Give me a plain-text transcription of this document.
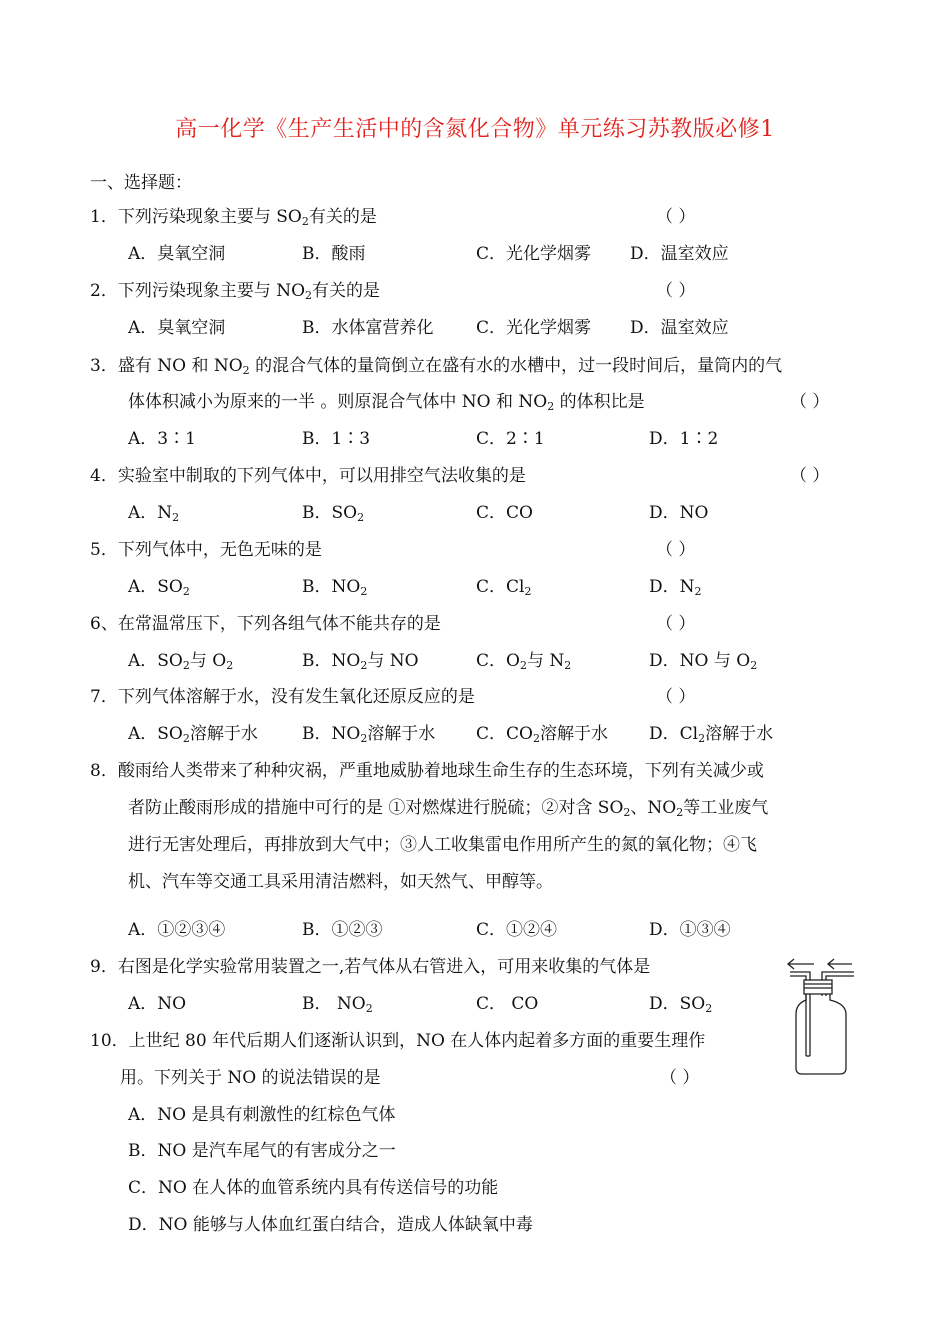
高一化学《生产生活中的含氮化合物》单元练习苏教版必修1
一、选择题：
1．下列污染现象主要与 $SO_2$有关的是	（ ）
A．臭氧空洞	B．酸雨	C．光化学烟雾 D．温室效应
2．下列污染现象主要与 $NO_2$有关的是	（ ）
A．臭氧空洞	B．水体富营养化	C．光化学烟雾 D．温室效应
3．盛有 NO 和 $NO_2$ 的混合气体的量筒倒立在盛有水的水槽中，过一段时间后，量筒内的气
体体积减小为原来的一半 。则原混合气体中 NO 和 $NO_2$ 的体积比是	（ ）
A．3∶1	B．1∶3	C．2∶1	D．1∶2
4．实验室中制取的下列气体中，可以用排空气法收集的是	（ ）
A．$N_2$	B．$SO_2$	C．CO	D．NO
5．下列气体中，无色无味的是	（ ）
A．$SO_2$	B．$NO_2$	C．$Cl_2$	D．$N_2$
6、在常温常压下，下列各组气体不能共存的是	（ ）
A．$SO_2$与 $O_2$	B．$NO_2$与 NO	C．$O_2$与 $N_2$	D．NO 与 $O_2$
7．下列气体溶解于水，没有发生氧化还原反应的是	（ ）
A．$SO_2$溶解于水	B．$NO_2$溶解于水 C．$CO_2$溶解于水 D．$Cl_2$溶解于水
8．酸雨给人类带来了种种灾祸，严重地威胁着地球生命生存的生态环境，下列有关减少或
者防止酸雨形成的措施中可行的是 ①对燃煤进行脱硫；②对含 $SO_2$、$NO_2$等工业废气
进行无害处理后，再排放到大气中；③人工收集雷电作用所产生的氮的氧化物；④飞
机、汽车等交通工具采用清洁燃料，如天然气、甲醇等。
A．①②③④	B．①②③	C．①②④	D．①③④
9．右图是化学实验常用装置之一,若气体从右管进入，可用来收集的气体是
A．NO	B． $NO_2$	C． CO	D．$SO_2$
10．上世纪 80 年代后期人们逐渐认识到，NO 在人体内起着多方面的重要生理作
用。下列关于 NO 的说法错误的是	（ ）
A．NO 是具有刺激性的红棕色气体
B．NO 是汽车尾气的有害成分之一
C．NO 在人体的血管系统内具有传送信号的功能
D．NO 能够与人体血红蛋白结合，造成人体缺氧中毒
